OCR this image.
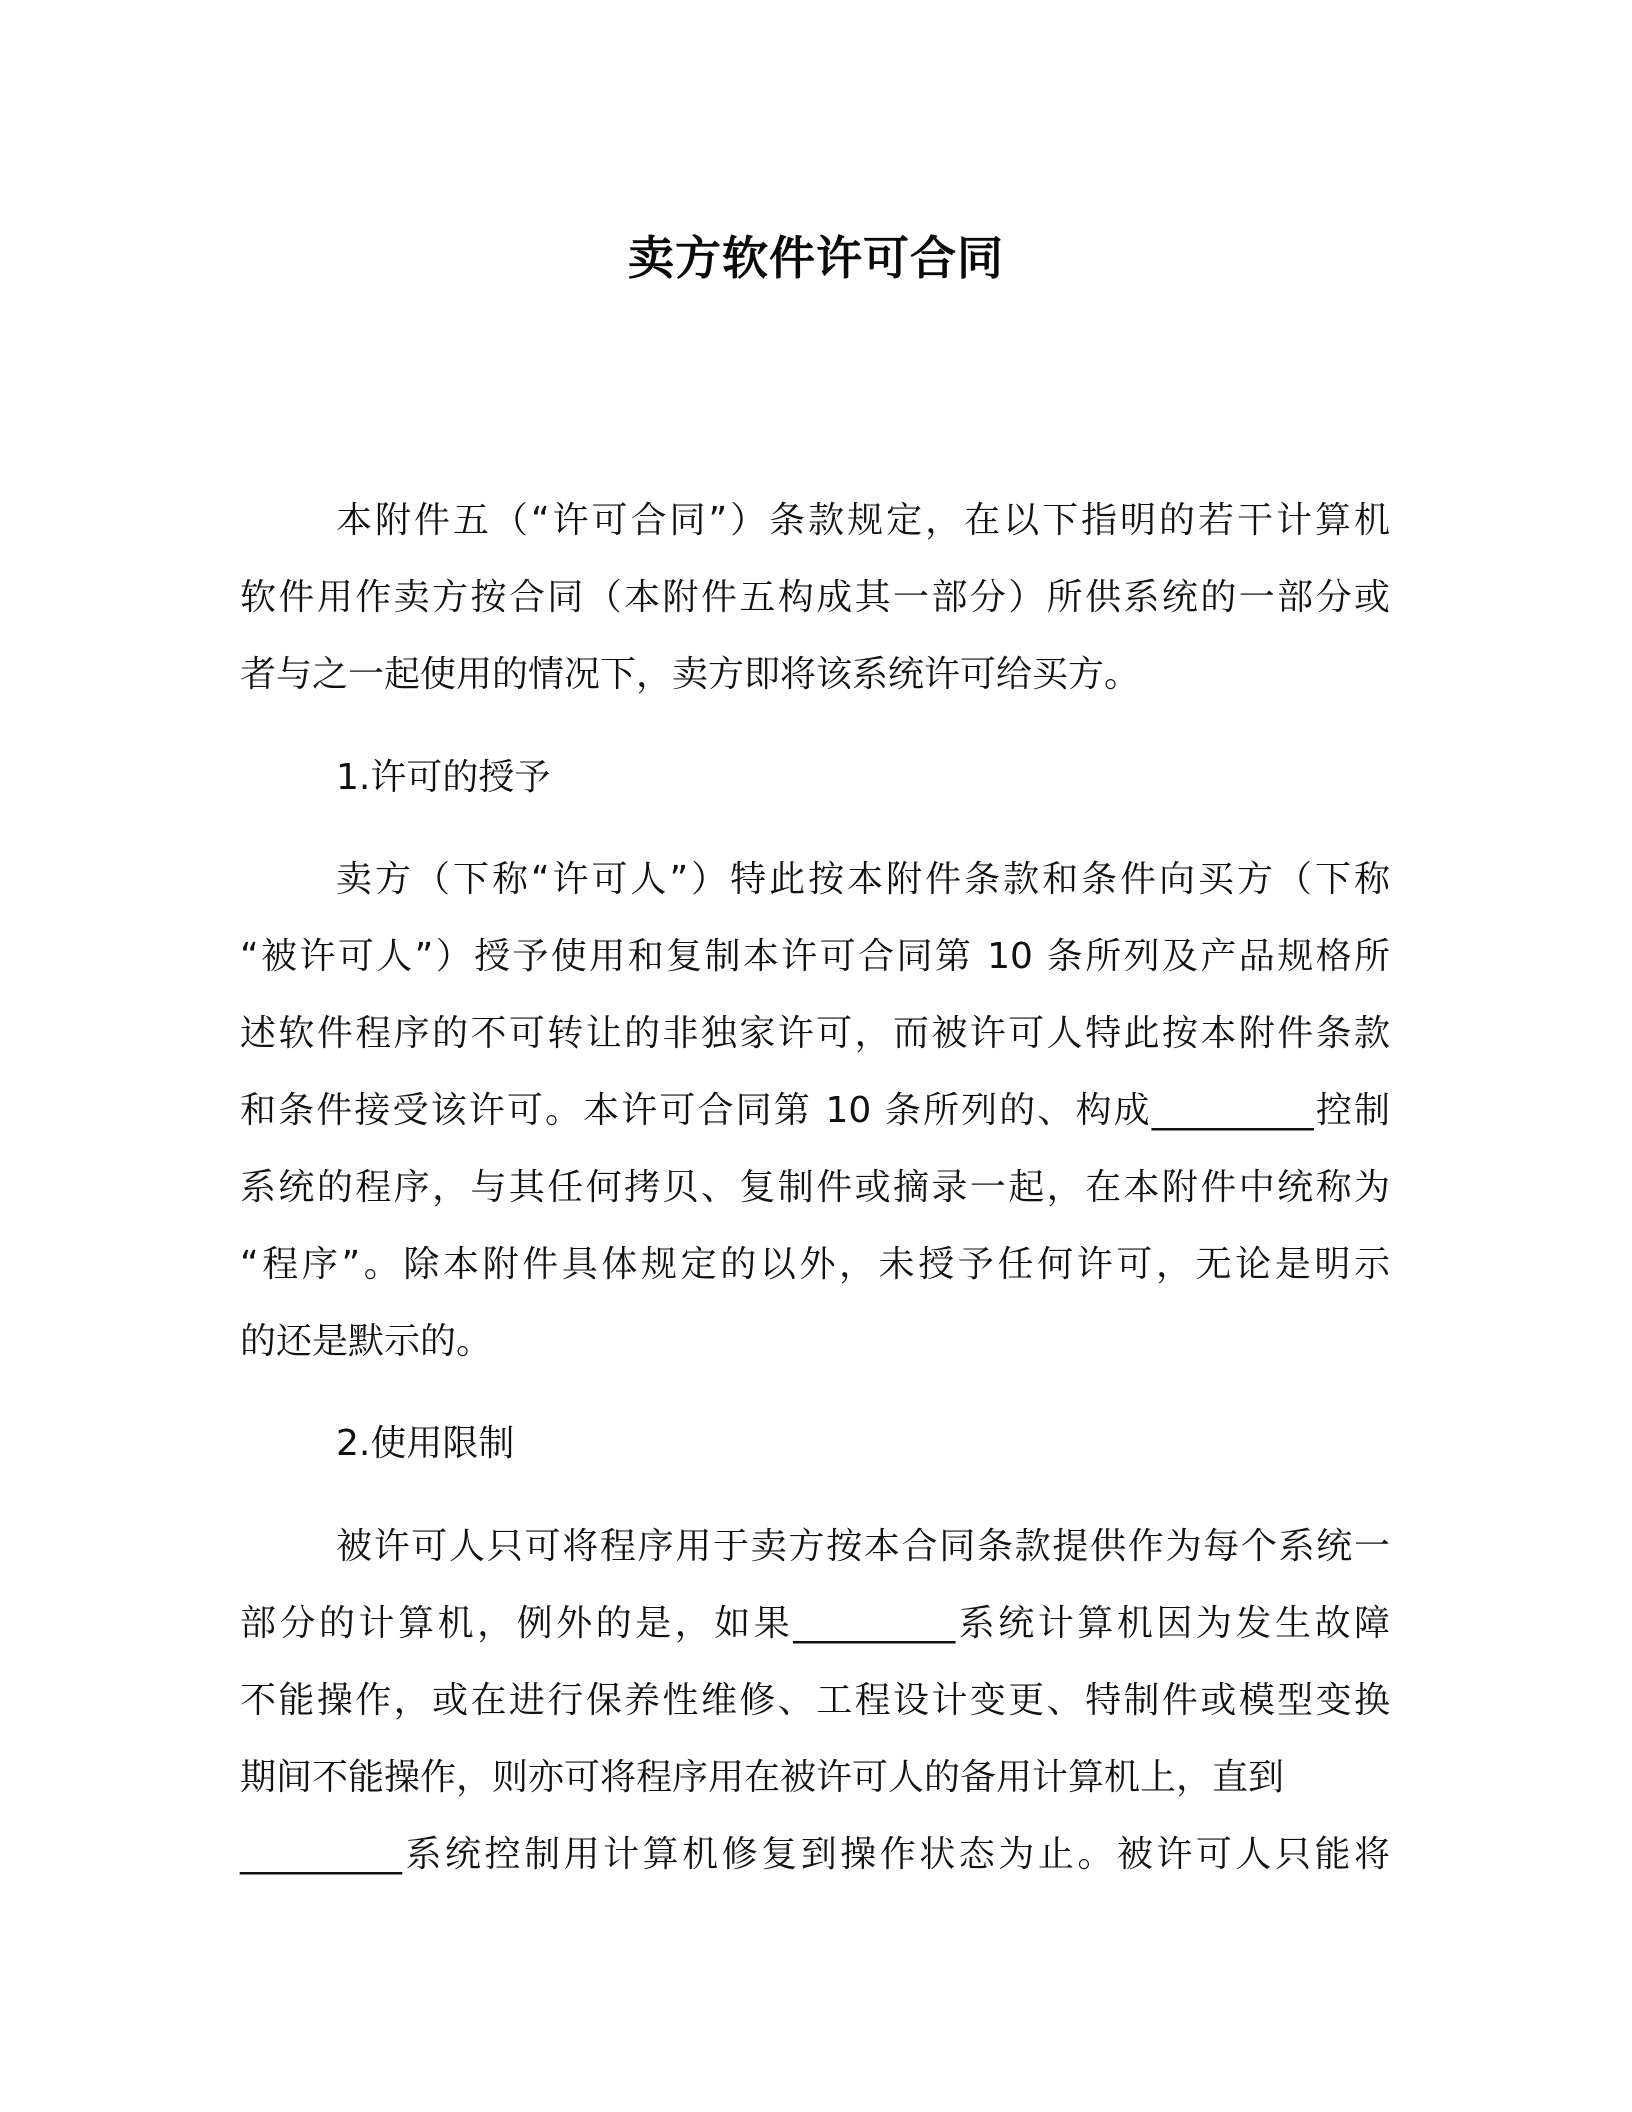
卖方软件许可合同
本附件五（“许可合同”）条款规定，在以下指明的若干计算机
软件用作卖方按合同（本附件五构成其一部分）所供系统的一部分或
者与之一起使用的情况下，卖方即将该系统许可给买方。
1.许可的授予
卖方（下称“许可人”）特此按本附件条款和条件向买方（下称
“被许可人”）授予使用和复制本许可合同第 10 条所列及产品规格所
述软件程序的不可转让的非独家许可，而被许可人特此按本附件条款
和条件接受该许可。本许可合同第 10 条所列的、构成_________控制
系统的程序，与其任何拷贝、复制件或摘录一起，在本附件中统称为
“程序”。除本附件具体规定的以外，未授予任何许可，无论是明示
的还是默示的。
2.使用限制
被许可人只可将程序用于卖方按本合同条款提供作为每个系统一
部分的计算机，例外的是，如果_________系统计算机因为发生故障
不能操作，或在进行保养性维修、工程设计变更、特制件或模型变换
期间不能操作，则亦可将程序用在被许可人的备用计算机上，直到
_________系统控制用计算机修复到操作状态为止。被许可人只能将
